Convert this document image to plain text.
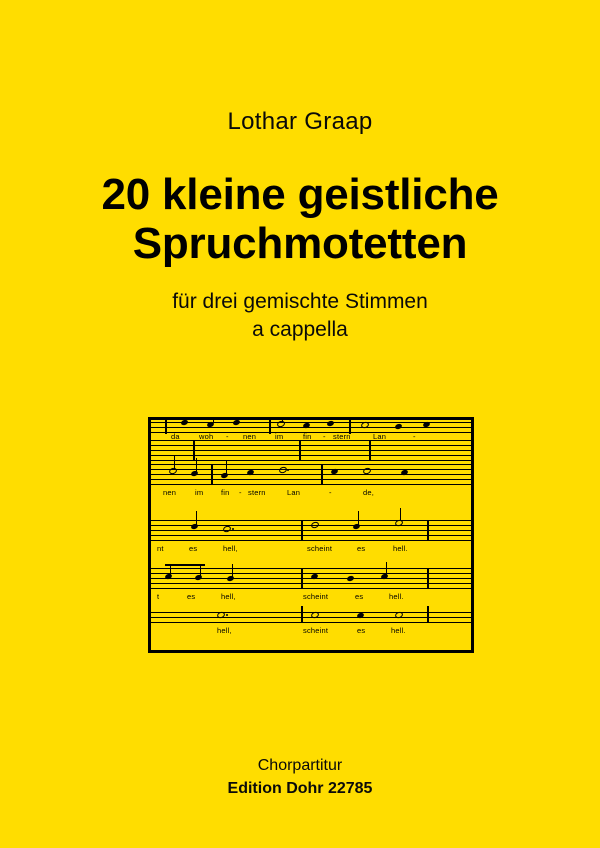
Lothar Graap
20 kleine geistliche
Spruchmotetten
für drei gemischte Stimmen
a cappella
da	woh - nen	im	fin - stern	Lan	-
nen	im fin - stern	Lan	-	de,
nt	es	hell,	scheint	es	hell.
t	es	hell,	scheint	es	hell.
hell,	scheint	es	hell.
Chorpartitur
Edition Dohr 22785
